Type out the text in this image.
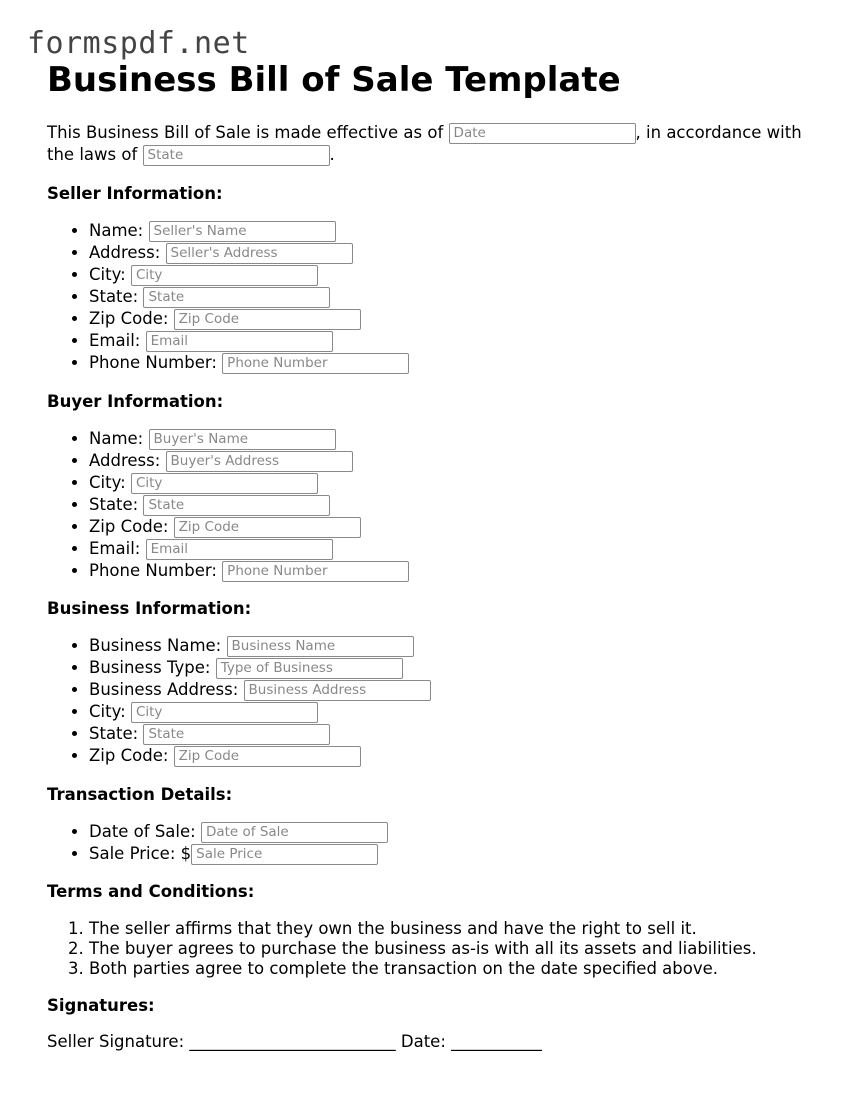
formspdf.net
Business Bill of Sale Template
This Business Bill of Sale is made effective as of Date	, in accordance with the laws of State	.
Seller Information:
• Name: Seller's Name
• Address: Seller's Address
• City: City
• State: State
• Zip Code: Zip Code
• Email: Email
• Phone Number: Phone Number
Buyer Information:
• Name: Buyer's Name
• Address: Buyer's Address
• City: City
• State: State
• Zip Code: Zip Code
• Email: Email
• Phone Number: Phone Number
Business Information:
• Business Name: Business Name
• Business Type: Type of Business
• Business Address: Business Address
• City: City
• State: State
• Zip Code: Zip Code
Transaction Details:
• Date of Sale: Date of Sale
• Sale Price: $ Sale Price
Terms and Conditions:
1. The seller affirms that they own the business and have the right to sell it.
2. The buyer agrees to purchase the business as-is with all its assets and liabilities.
3. Both parties agree to complete the transaction on the date specified above.
Signatures:
Seller Signature: _________________________ Date: ___________
